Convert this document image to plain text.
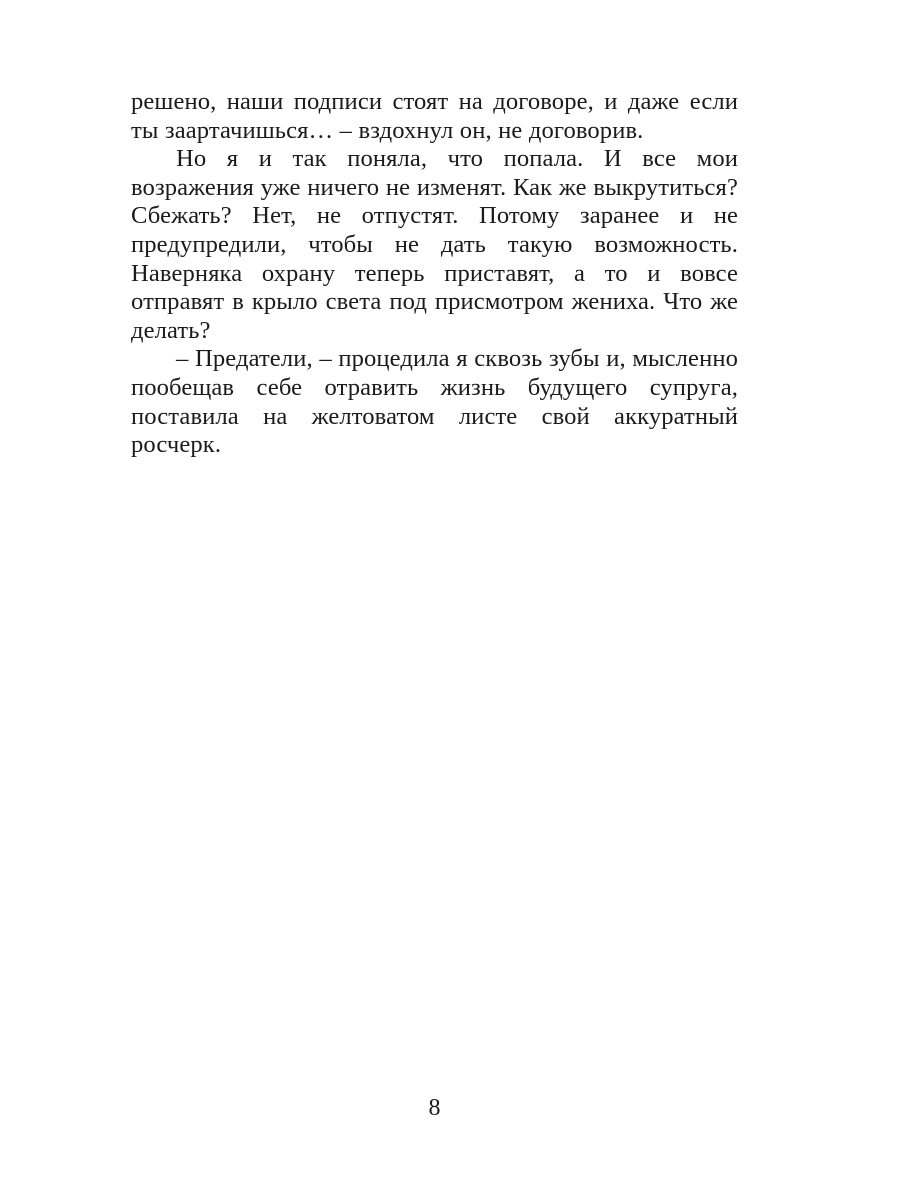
решено, наши подписи стоят на договоре, и даже если ты заартачишься… – вздохнул он, не договорив.

Но я и так поняла, что попала. И все мои возражения уже ничего не изменят. Как же выкрутиться? Сбежать? Нет, не отпустят. Потому заранее и не предупредили, чтобы не дать такую возможность. Наверняка охрану теперь приставят, а то и вовсе отправят в крыло света под присмотром жениха. Что же делать?

– Предатели, – процедила я сквозь зубы и, мысленно пообещав себе отравить жизнь будущего супруга, поставила на желтоватом листе свой аккуратный росчерк.

8
